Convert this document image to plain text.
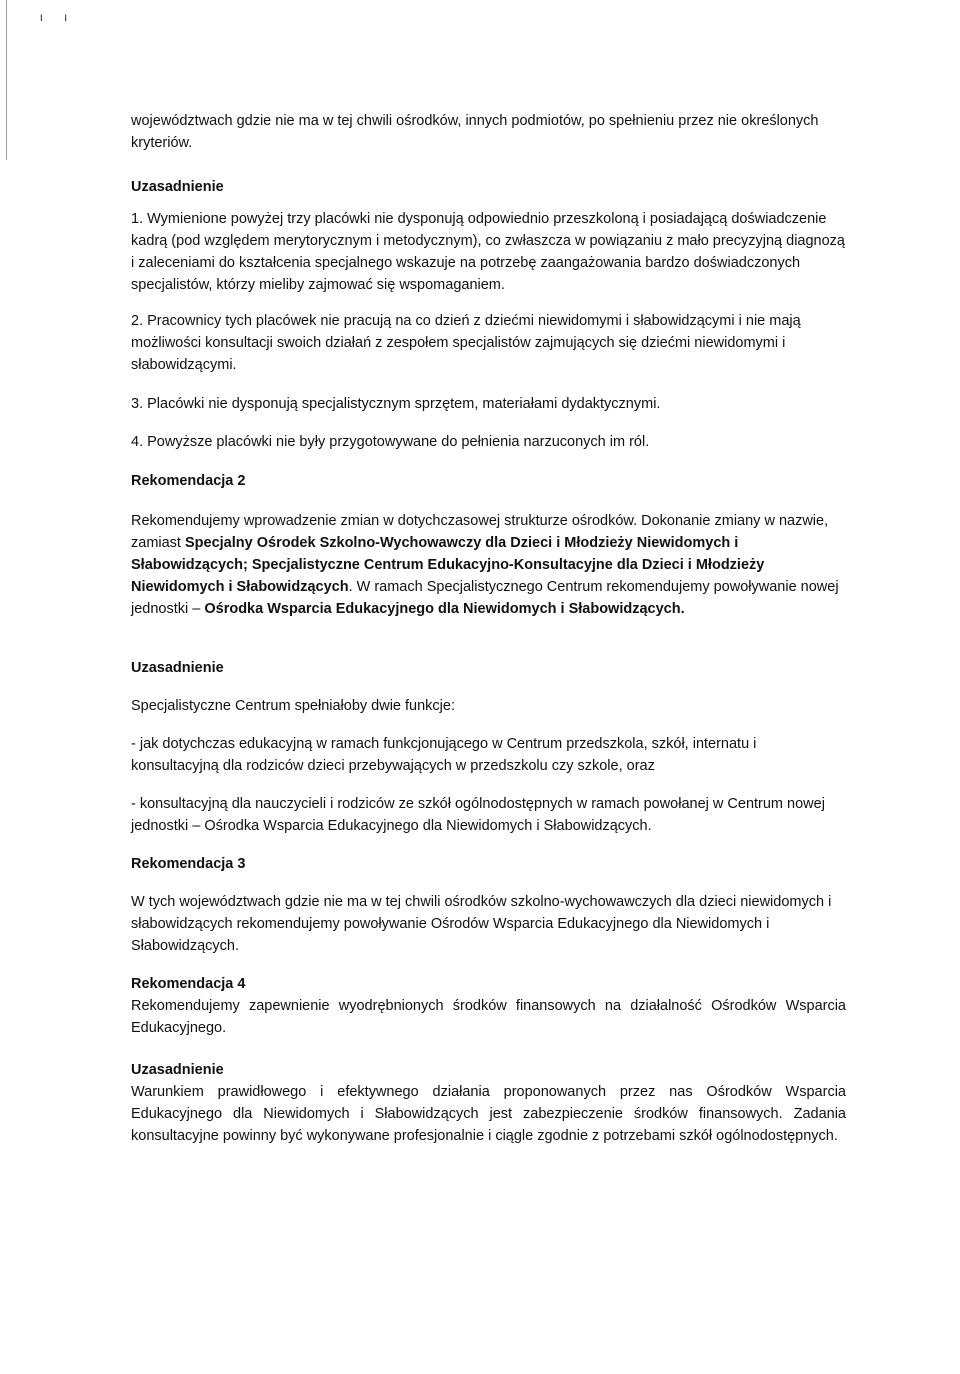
ι ı

województwach gdzie nie ma w tej chwili ośrodków, innych podmiotów, po spełnieniu przez nie określonych kryteriów.

Uzasadnienie

1. Wymienione powyżej trzy placówki nie dysponują odpowiednio przeszkoloną i posiadającą doświadczenie kadrą (pod względem merytorycznym i metodycznym), co zwłaszcza w powiązaniu z mało precyzyjną diagnozą i zaleceniami do kształcenia specjalnego wskazuje na potrzebę zaangażowania bardzo doświadczonych specjalistów, którzy mieliby zajmować się wspomaganiem.

2. Pracownicy tych placówek nie pracują na co dzień z dziećmi niewidomymi i słabowidzącymi i nie mają możliwości konsultacji swoich działań z zespołem specjalistów zajmujących się dziećmi niewidomymi i słabowidzącymi.

3. Placówki nie dysponują specjalistycznym sprzętem, materiałami dydaktycznymi.

4. Powyższe placówki nie były przygotowywane do pełnienia narzuconych im ról.

Rekomendacja 2

Rekomendujemy wprowadzenie zmian w dotychczasowej strukturze ośrodków. Dokonanie zmiany w nazwie, zamiast Specjalny Ośrodek Szkolno-Wychowawczy dla Dzieci i Młodzieży Niewidomych i Słabowidzących; Specjalistyczne Centrum Edukacyjno-Konsultacyjne dla Dzieci i Młodzieży Niewidomych i Słabowidzących. W ramach Specjalistycznego Centrum rekomendujemy powoływanie nowej jednostki – Ośrodka Wsparcia Edukacyjnego dla Niewidomych i Słabowidzących.

Uzasadnienie

Specjalistyczne Centrum spełniałoby dwie funkcje:

- jak dotychczas edukacyjną w ramach funkcjonującego w Centrum przedszkola, szkół, internatu i konsultacyjną dla rodziców dzieci przebywających w przedszkolu czy szkole, oraz

- konsultacyjną dla nauczycieli i rodziców ze szkół ogólnodostępnych w ramach powołanej w Centrum nowej jednostki – Ośrodka Wsparcia Edukacyjnego dla Niewidomych i Słabowidzących.

Rekomendacja 3

W tych województwach gdzie nie ma w tej chwili ośrodków szkolno-wychowawczych dla dzieci niewidomych i słabowidzących rekomendujemy powoływanie Ośrodów Wsparcia Edukacyjnego dla Niewidomych i Słabowidzących.

Rekomendacja 4

Rekomendujemy zapewnienie wyodrębnionych środków finansowych na działalność Ośrodków Wsparcia Edukacyjnego.

Uzasadnienie

Warunkiem prawidłowego i efektywnego działania proponowanych przez nas Ośrodków Wsparcia Edukacyjnego dla Niewidomych i Słabowidzących jest zabezpieczenie środków finansowych. Zadania konsultacyjne powinny być wykonywane profesjonalnie i ciągle zgodnie z potrzebami szkół ogólnodostępnych.
